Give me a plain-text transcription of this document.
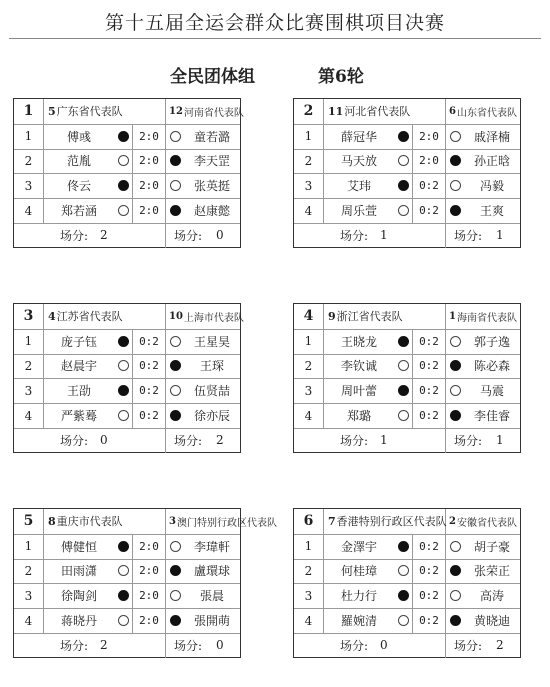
第十五届全运会群众比赛围棋项目决赛
全民团体组	第6轮
1	5 广东省代表队	12 河南省代表队
1	傅彧	2:0	童若潞
2	范胤	2:0	李天罡
3	佟云	2:0	张英挺
4	郑若涵	2:0	赵康懿
场分: 2	场分: 0
2	11 河北省代表队	6 山东省代表队
1	薛冠华	2:0	戚泽楠
2	马天放	2:0	孙正晗
3	艾玮	0:2	冯毅
4	周乐萱	0:2	王爽
场分: 1	场分: 1
3	4 江苏省代表队	10 上海市代表队
1	庞子钰	0:2	王星昊
2	赵晨宇	0:2	王琛
3	王劭	0:2	伍贤喆
4	严紫蓦	0:2	徐亦辰
场分: 0	场分: 2
4	9 浙江省代表队	1 海南省代表队
1	王晓龙	0:2	郭子逸
2	李钦诚	0:2	陈必森
3	周叶蕾	0:2	马震
4	郑璐	0:2	李佳睿
场分: 1	场分: 1
5	8 重庆市代表队	3 澳门特别行政区代表队
1	傅健恒	2:0	李瑋軒
2	田雨潇	2:0	盧環球
3	徐陶剑	2:0	張晨
4	蒋晓丹	2:0	張開萌
场分: 2	场分: 0
6	7 香港特别行政区代表队 2 安徽省代表队
1	金澤宇	0:2	胡子豪
2	何桂璋	0:2	张荣正
3	杜力行	0:2	高涛
4	羅婉清	0:2	黄晓迪
场分: 0	场分: 2
